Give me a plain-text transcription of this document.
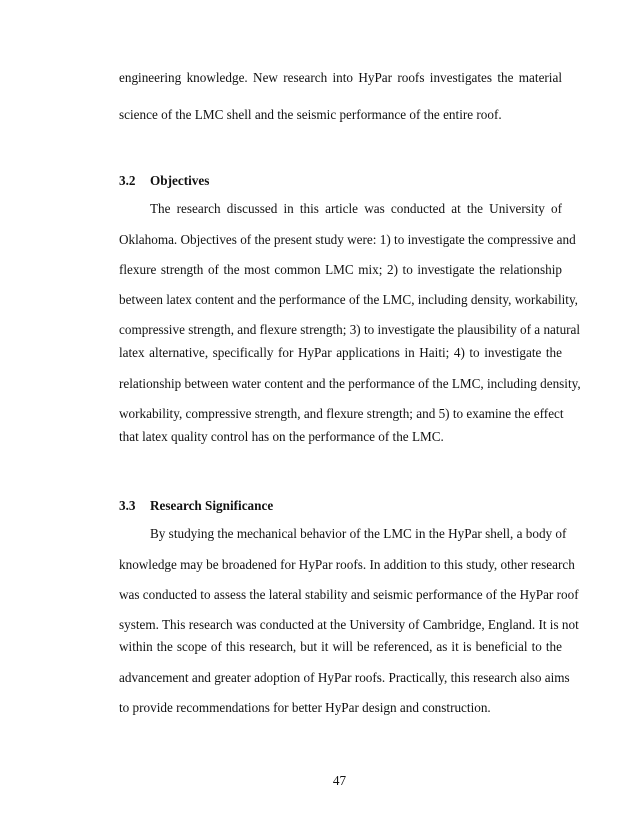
engineering knowledge. New research into HyPar roofs investigates the material
science of the LMC shell and the seismic performance of the entire roof.
3.2 Objectives
The research discussed in this article was conducted at the University of
Oklahoma. Objectives of the present study were: 1) to investigate the compressive and
flexure strength of the most common LMC mix; 2) to investigate the relationship
between latex content and the performance of the LMC, including density, workability,
compressive strength, and flexure strength; 3) to investigate the plausibility of a natural
latex alternative, specifically for HyPar applications in Haiti; 4) to investigate the
relationship between water content and the performance of the LMC, including density,
workability, compressive strength, and flexure strength; and 5) to examine the effect
that latex quality control has on the performance of the LMC.
3.3 Research Significance
By studying the mechanical behavior of the LMC in the HyPar shell, a body of
knowledge may be broadened for HyPar roofs. In addition to this study, other research
was conducted to assess the lateral stability and seismic performance of the HyPar roof
system. This research was conducted at the University of Cambridge, England. It is not
within the scope of this research, but it will be referenced, as it is beneficial to the
advancement and greater adoption of HyPar roofs. Practically, this research also aims
to provide recommendations for better HyPar design and construction.
47
